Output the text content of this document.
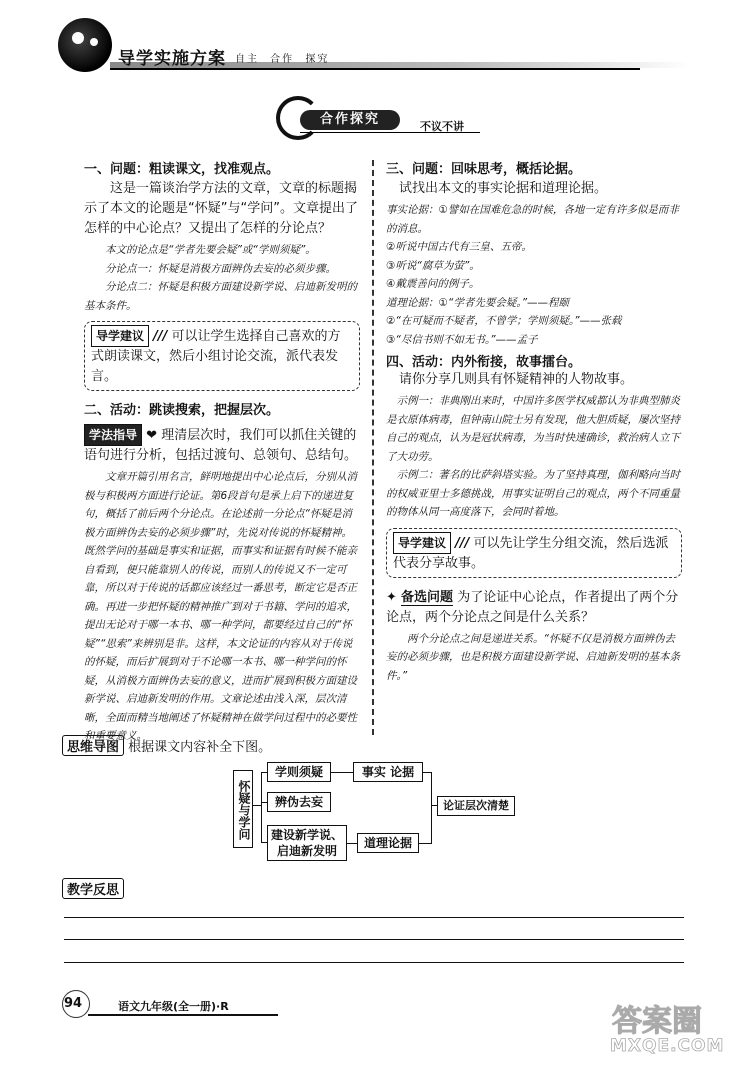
导学实施方案 自主 合作 探究
合作探究	不议不讲

一、问题：粗读课文，找准观点。

这是一篇谈治学方法的文章，文章的标题揭示了本文的论题是“怀疑”与“学问”。文章提出了怎样的中心论点？又提出了怎样的分论点？

本文的论点是“学者先要会疑”或“学则须疑”。

分论点一：怀疑是消极方面辨伪去妄的必须步骤。

分论点二：怀疑是积极方面建设新学说、启迪新发明的基本条件。

导学建议 /// 可以让学生选择自己喜欢的方式朗读课文，然后小组讨论交流，派代表发言。

二、活动：跳读搜索，把握层次。

学法指导 ❤ 理清层次时，我们可以抓住关键的语句进行分析，包括过渡句、总领句、总结句。

文章开篇引用名言，鲜明地提出中心论点后，分别从消极与积极两方面进行论证。第6段首句是承上启下的递进复句，概括了前后两个分论点。在论述前一分论点“怀疑是消极方面辨伪去妄的必须步骤”时，先说对传说的怀疑精神。既然学问的基础是事实和证据，而事实和证据有时候不能亲自看到，便只能靠别人的传说，而别人的传说又不一定可靠，所以对于传说的话都应该经过一番思考，断定它是否正确。再进一步把怀疑的精神推广到对于书籍、学问的追求，提出无论对于哪一本书、哪一种学问，都要经过自己的“怀疑”“思索”来辨别是非。这样，本文论证的内容从对于传说的怀疑，而后扩展到对于不论哪一本书、哪一种学问的怀疑，从消极方面辨伪去妄的意义，进而扩展到积极方面建设新学说、启迪新发明的作用。文章论述由浅入深，层次清晰，全面而精当地阐述了怀疑精神在做学问过程中的必要性和重要意义。

三、问题：回味思考，概括论据。

试找出本文的事实论据和道理论据。

事实论据：①譬如在国难危急的时候，各地一定有许多似是而非的消息。

②听说中国古代有三皇、五帝。

③听说“腐草为萤”。

④戴震善问的例子。

道理论据：①“学者先要会疑。”——程颐

②“在可疑而不疑者，不曾学；学则须疑。”——张载

③“尽信书则不如无书。”——孟子

四、活动：内外衔接，故事擂台。

请你分享几则具有怀疑精神的人物故事。

示例一：非典刚出来时，中国许多医学权威都认为非典型肺炎是衣原体病毒，但钟南山院士另有发现，他大胆质疑，屡次坚持自己的观点，认为是冠状病毒，为当时快速确诊，救治病人立下了大功劳。

示例二：著名的比萨斜塔实验。为了坚持真理，伽利略向当时的权威亚里士多德挑战，用事实证明自己的观点，两个不同重量的物体从同一高度落下，会同时着地。

导学建议 /// 可以先让学生分组交流，然后选派代表分享故事。

✦ 备选问题 为了论证中心论点，作者提出了两个分论点，两个分论点之间是什么关系？

两个分论点之间是递进关系。“怀疑不仅是消极方面辨伪去妄的必须步骤，也是积极方面建设新学说、启迪新发明的基本条件。”

思维导图 根据课文内容补全下图。
怀疑与学问
学则须疑
辨伪去妄
建设新学说、启迪新发明
事实 论据
道理论据
论证层次清楚
教学反思
94	语文九年级(全一册)·R	答案圈
MXQE.COM
